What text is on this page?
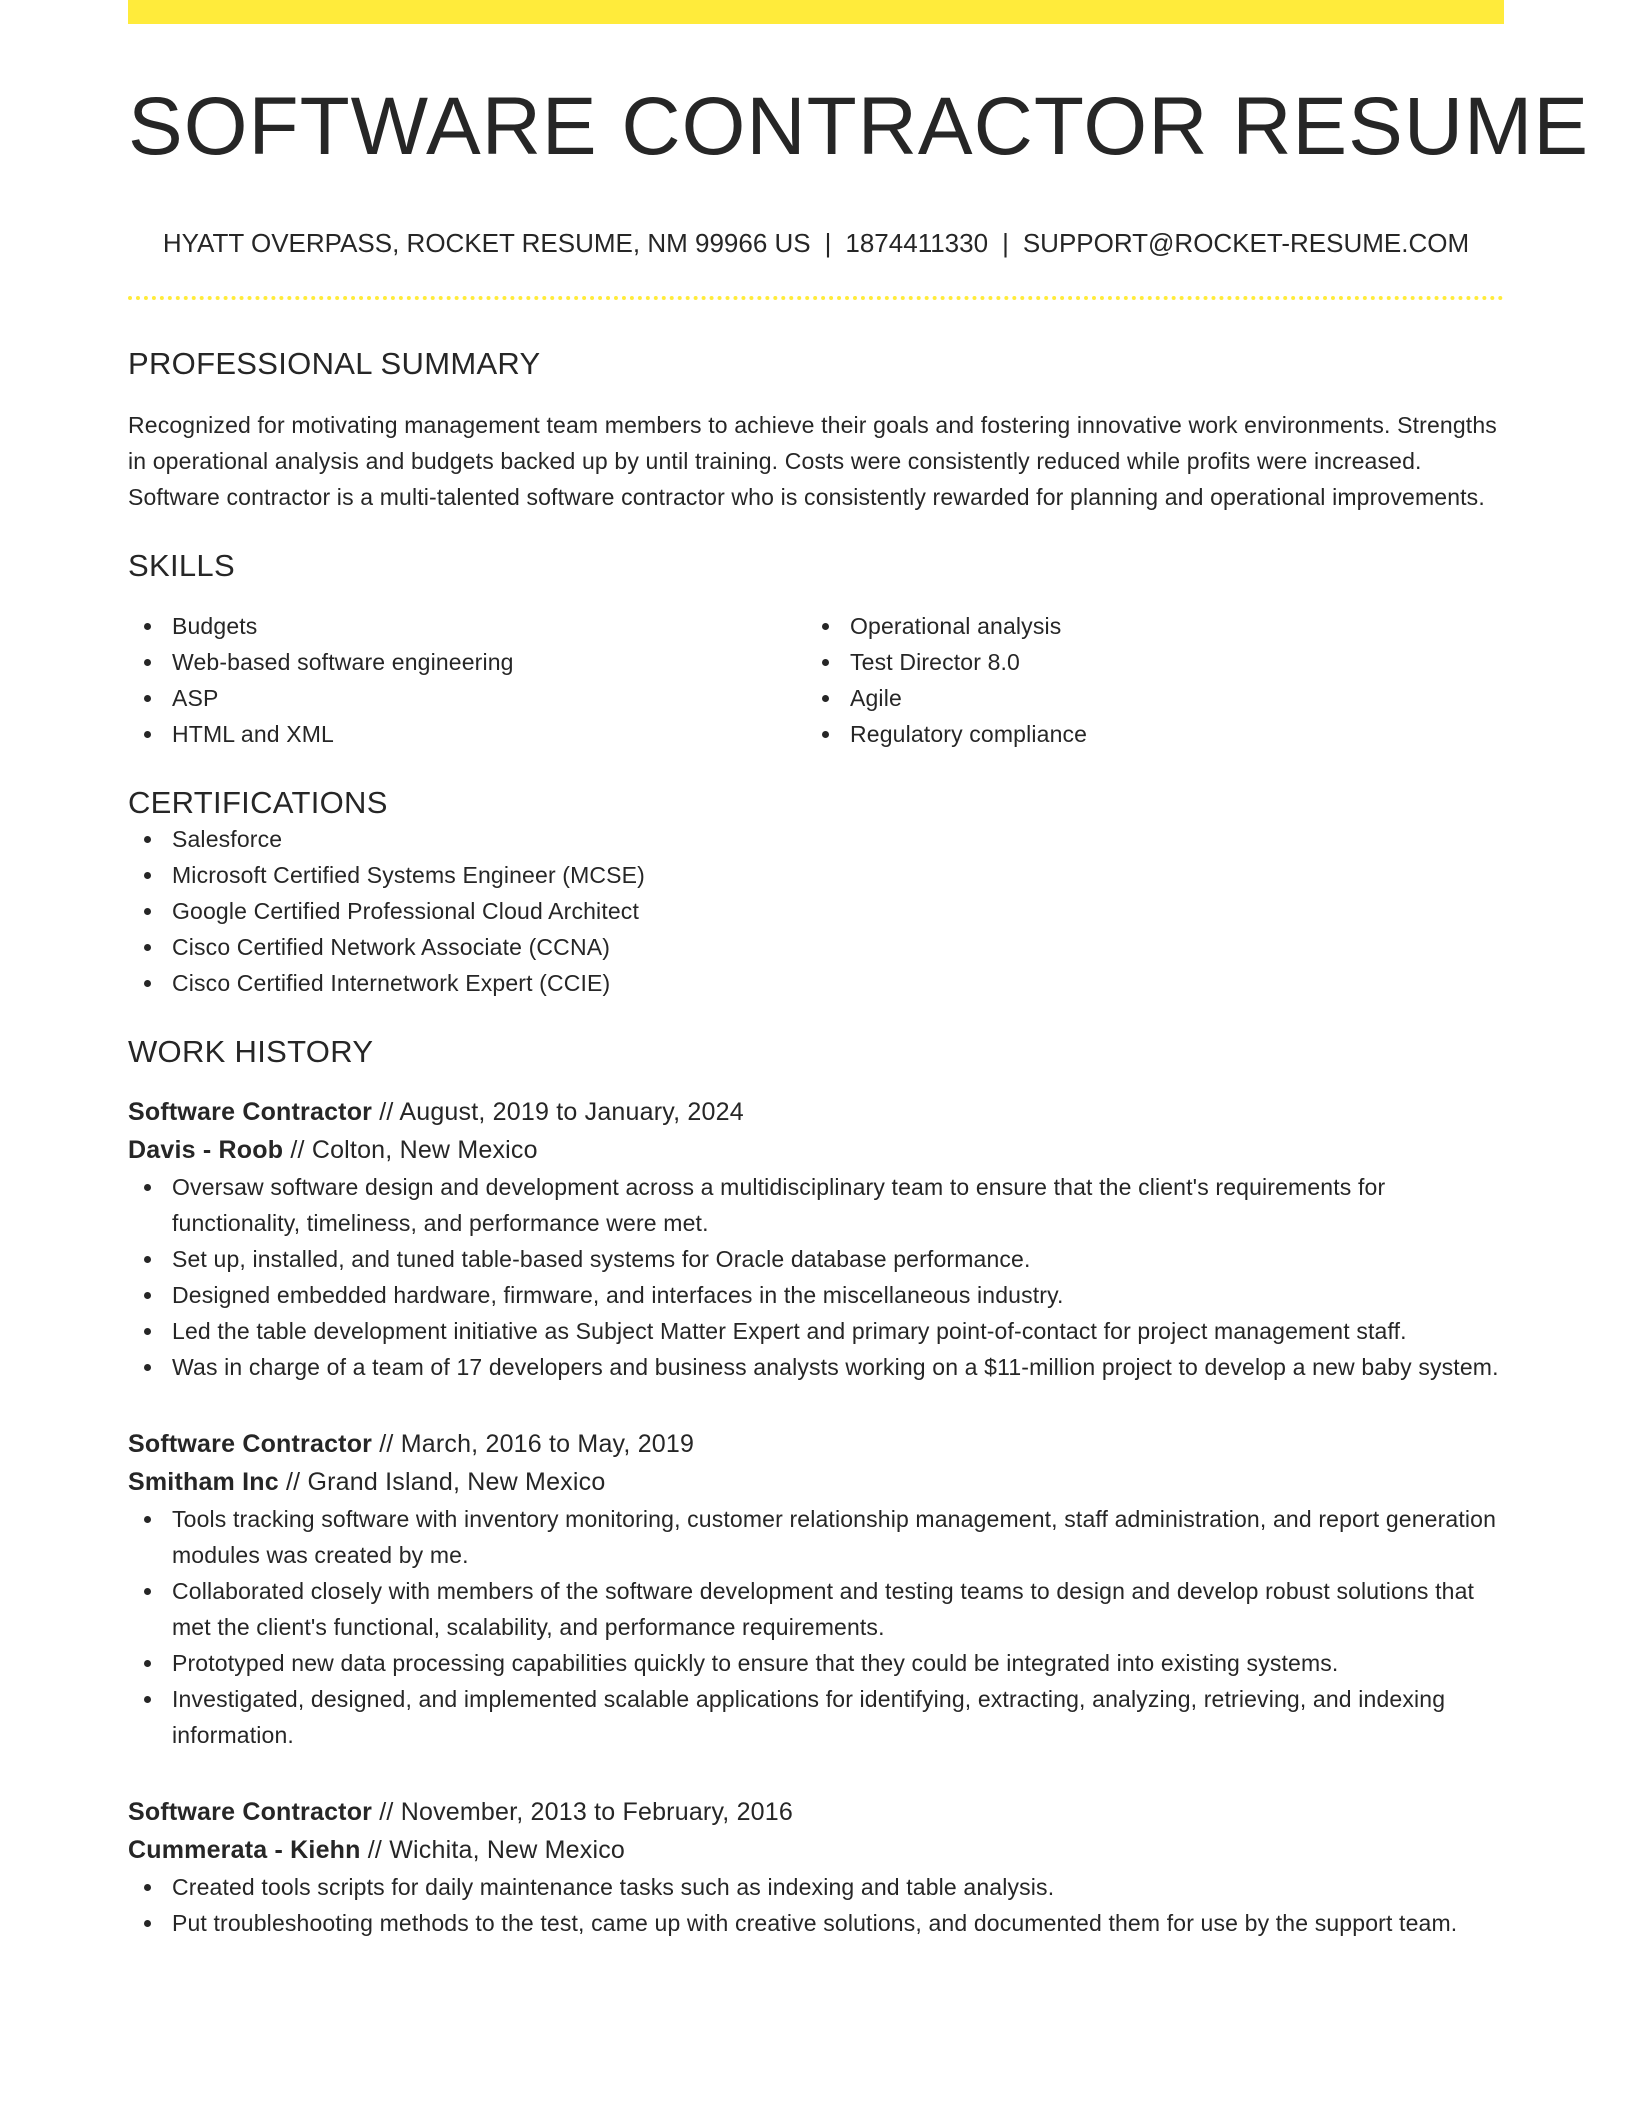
SOFTWARE CONTRACTOR RESUME
HYATT OVERPASS, ROCKET RESUME, NM 99966 US | 1874411330 | SUPPORT@ROCKET-RESUME.COM
PROFESSIONAL SUMMARY
Recognized for motivating management team members to achieve their goals and fostering innovative work environments. Strengths in operational analysis and budgets backed up by until training. Costs were consistently reduced while profits were increased. Software contractor is a multi-talented software contractor who is consistently rewarded for planning and operational improvements.
SKILLS
Budgets
Web-based software engineering
ASP
HTML and XML
Operational analysis
Test Director 8.0
Agile
Regulatory compliance
CERTIFICATIONS
Salesforce
Microsoft Certified Systems Engineer (MCSE)
Google Certified Professional Cloud Architect
Cisco Certified Network Associate (CCNA)
Cisco Certified Internetwork Expert (CCIE)
WORK HISTORY
Software Contractor // August, 2019 to January, 2024
Davis - Roob // Colton, New Mexico
Oversaw software design and development across a multidisciplinary team to ensure that the client's requirements for functionality, timeliness, and performance were met.
Set up, installed, and tuned table-based systems for Oracle database performance.
Designed embedded hardware, firmware, and interfaces in the miscellaneous industry.
Led the table development initiative as Subject Matter Expert and primary point-of-contact for project management staff.
Was in charge of a team of 17 developers and business analysts working on a $11-million project to develop a new baby system.
Software Contractor // March, 2016 to May, 2019
Smitham Inc // Grand Island, New Mexico
Tools tracking software with inventory monitoring, customer relationship management, staff administration, and report generation modules was created by me.
Collaborated closely with members of the software development and testing teams to design and develop robust solutions that met the client's functional, scalability, and performance requirements.
Prototyped new data processing capabilities quickly to ensure that they could be integrated into existing systems.
Investigated, designed, and implemented scalable applications for identifying, extracting, analyzing, retrieving, and indexing information.
Software Contractor // November, 2013 to February, 2016
Cummerata - Kiehn // Wichita, New Mexico
Created tools scripts for daily maintenance tasks such as indexing and table analysis.
Put troubleshooting methods to the test, came up with creative solutions, and documented them for use by the support team.
